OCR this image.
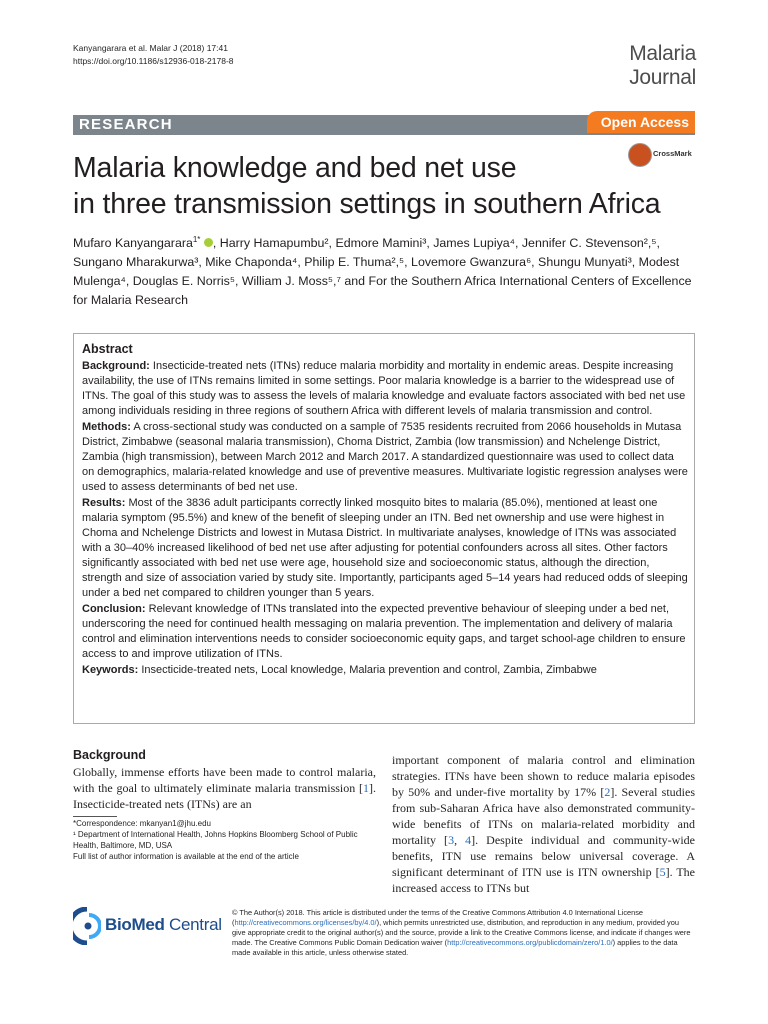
Kanyangarara et al. Malar J (2018) 17:41
https://doi.org/10.1186/s12936-018-2178-8	Malaria Journal
RESEARCH	Open Access
CrossMark
Malaria knowledge and bed net use
in three transmission settings in southern Africa
Mufaro Kanyangarara$^{1*}$ , Harry Hamapumbu², Edmore Mamini³, James Lupiya⁴, Jennifer C. Stevenson²,⁵, Sungano Mharakurwa³, Mike Chaponda⁴, Philip E. Thuma²,⁵, Lovemore Gwanzura⁶, Shungu Munyati³, Modest Mulenga⁴, Douglas E. Norris⁵, William J. Moss⁵,⁷ and For the Southern Africa International Centers of Excellence for Malaria Research

Abstract

Background: Insecticide-treated nets (ITNs) reduce malaria morbidity and mortality in endemic areas. Despite increasing availability, the use of ITNs remains limited in some settings. Poor malaria knowledge is a barrier to the widespread use of ITNs. The goal of this study was to assess the levels of malaria knowledge and evaluate factors associated with bed net use among individuals residing in three regions of southern Africa with different levels of malaria transmission and control.

Methods: A cross-sectional study was conducted on a sample of 7535 residents recruited from 2066 households in Mutasa District, Zimbabwe (seasonal malaria transmission), Choma District, Zambia (low transmission) and Nchelenge District, Zambia (high transmission), between March 2012 and March 2017. A standardized questionnaire was used to collect data on demographics, malaria-related knowledge and use of preventive measures. Multivariate logistic regression analyses were used to assess determinants of bed net use.

Results: Most of the 3836 adult participants correctly linked mosquito bites to malaria (85.0%), mentioned at least one malaria symptom (95.5%) and knew of the benefit of sleeping under an ITN. Bed net ownership and use were highest in Choma and Nchelenge Districts and lowest in Mutasa District. In multivariate analyses, knowledge of ITNs was associated with a 30–40% increased likelihood of bed net use after adjusting for potential confounders across all sites. Other factors significantly associated with bed net use were age, household size and socioeconomic status, although the direction, strength and size of association varied by study site. Importantly, participants aged 5–14 years had reduced odds of sleeping under a bed net compared to children younger than 5 years.

Conclusion: Relevant knowledge of ITNs translated into the expected preventive behaviour of sleeping under a bed net, underscoring the need for continued health messaging on malaria prevention. The implementation and delivery of malaria control and elimination interventions needs to consider socioeconomic equity gaps, and target school-age children to ensure access to and improve utilization of ITNs.

Keywords: Insecticide-treated nets, Local knowledge, Malaria prevention and control, Zambia, Zimbabwe

Background

Globally, immense efforts have been made to control malaria, with the goal to ultimately eliminate malaria transmission [1]. Insecticide-treated nets (ITNs) are an

important component of malaria control and elimination strategies. ITNs have been shown to reduce malaria episodes by 50% and under-five mortality by 17% [2]. Several studies from sub-Saharan Africa have also demonstrated community-wide benefits of ITNs on malaria-related morbidity and mortality [3, 4]. Despite individual and community-wide benefits, ITN use remains below universal coverage. A significant determinant of ITN use is ITN ownership [5]. The increased access to ITNs but

*Correspondence: mkanyan1@jhu.edu
¹ Department of International Health, Johns Hopkins Bloomberg School of Public Health, Baltimore, MD, USA
Full list of author information is available at the end of the article
BioMed Central
© The Author(s) 2018. This article is distributed under the terms of the Creative Commons Attribution 4.0 International License (http://creativecommons.org/licenses/by/4.0/), which permits unrestricted use, distribution, and reproduction in any medium, provided you give appropriate credit to the original author(s) and the source, provide a link to the Creative Commons license, and indicate if changes were made. The Creative Commons Public Domain Dedication waiver (http://creativecommons.org/publicdomain/zero/1.0/) applies to the data made available in this article, unless otherwise stated.
